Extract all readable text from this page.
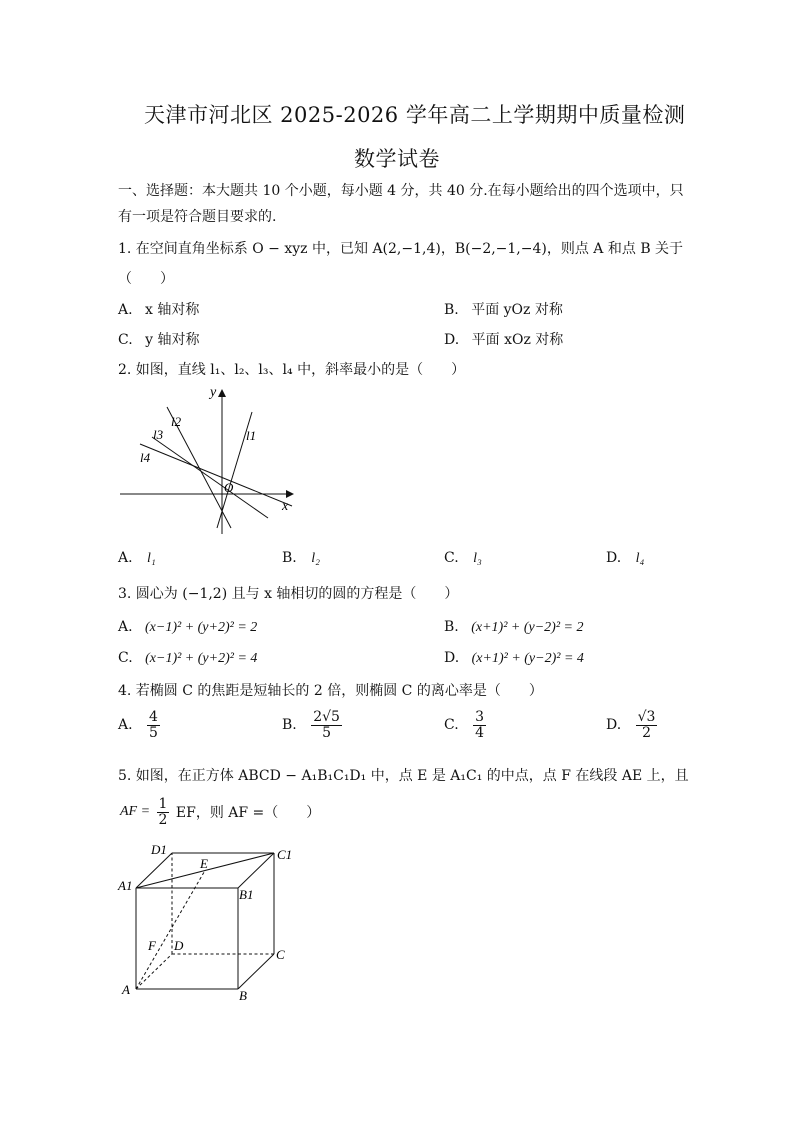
天津市河北区 2025-2026 学年高二上学期期中质量检测
数学试卷
一、选择题：本大题共 10 个小题，每小题 4 分，共 40 分.在每小题给出的四个选项中，只
有一项是符合题目要求的.
1. 在空间直角坐标系 O − xyz 中，已知 A(2,−1,4)，B(−2,−1,−4)，则点 A 和点 B 关于
（　　）
A. x 轴对称	B. 平面 yOz 对称
C. y 轴对称	D. 平面 xOz 对称
2. 如图，直线 l₁、l₂、l₃、l₄ 中，斜率最小的是（　　）
y
x
O
l1
l2
l3
l4
A. l₁	B. l₂	C. l₃	D. l₄
3. 圆心为 (−1,2) 且与 x 轴相切的圆的方程是（　　）
A. (x−1)² + (y+2)² = 2	B. (x+1)² + (y−2)² = 2
C. (x−1)² + (y+2)² = 4	D. (x+1)² + (y−2)² = 4
4. 若椭圆 C 的焦距是短轴长的 2 倍，则椭圆 C 的离心率是（　　）
A. $\frac{4}{5}$	B. $\frac{2√5}{5}$	C. $\frac{3}{4}$	D. $\frac{√3}{2}$
5. 如图，在正方体 ABCD − A₁B₁C₁D₁ 中，点 E 是 A₁C₁ 的中点，点 F 在线段 AE 上，且
AF = $\frac{1}{2}$ EF，则 AF =（　　）
D1	C1
A1
B1
E
F D
C
A	B
